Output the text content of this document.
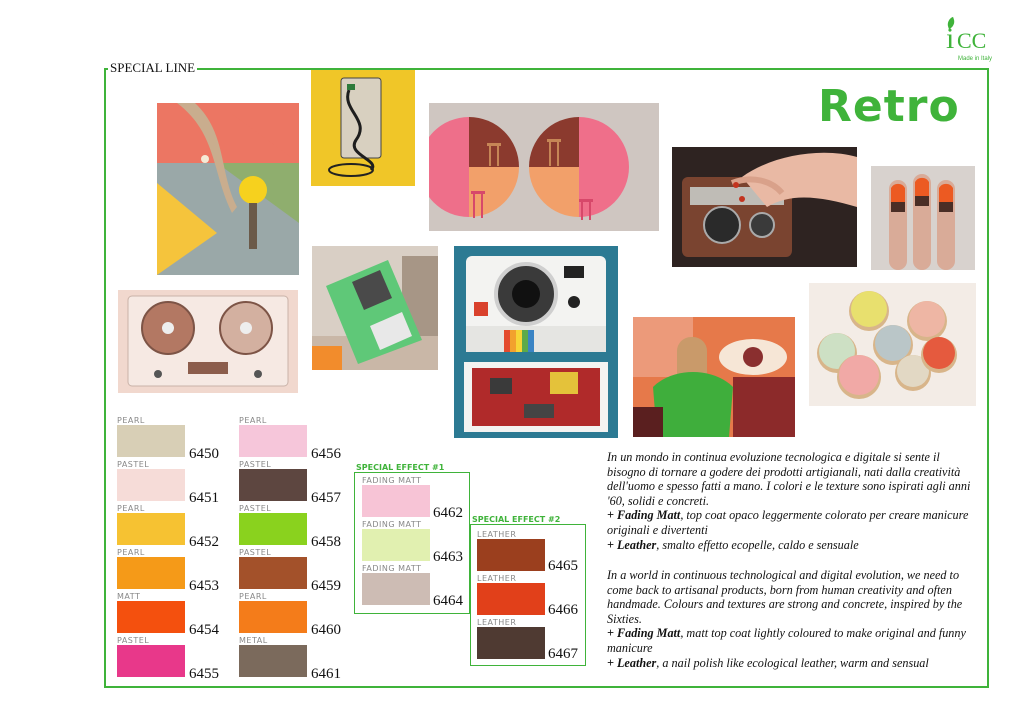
i CC
Made in Italy
SPECIAL LINE
Retro
PEARL
6450
PASTEL
6451
PEARL
6452
PEARL
6453
MATT
6454
PASTEL
6455
PEARL
6456
PASTEL
6457
PASTEL
6458
PASTEL
6459
PEARL
6460
METAL
6461
SPECIAL EFFECT #1
FADING MATT
6462
FADING MATT
6463
FADING MATT
6464
SPECIAL EFFECT #2
LEATHER
6465
LEATHER
6466
LEATHER
6467
In un mondo in continua evoluzione tecnologica e digitale si sente il bisogno di tornare a godere dei prodotti artigianali, nati dalla creatività dell'uomo e spesso fatti a mano. I colori e le texture sono ispirati agli anni '60, solidi e concreti.
+ Fading Matt, top coat opaco leggermente colorato per creare manicure originali e divertenti
+ Leather, smalto effetto ecopelle, caldo e sensuale
In a world in continuous technological and digital evolution, we need to come back to artisanal products, born from human creativity and often handmade. Colours and textures are strong and concrete, inspired by the Sixties.
+ Fading Matt, matt top coat lightly coloured to make original and funny manicure
+ Leather, a nail polish like ecological leather, warm and sensual
